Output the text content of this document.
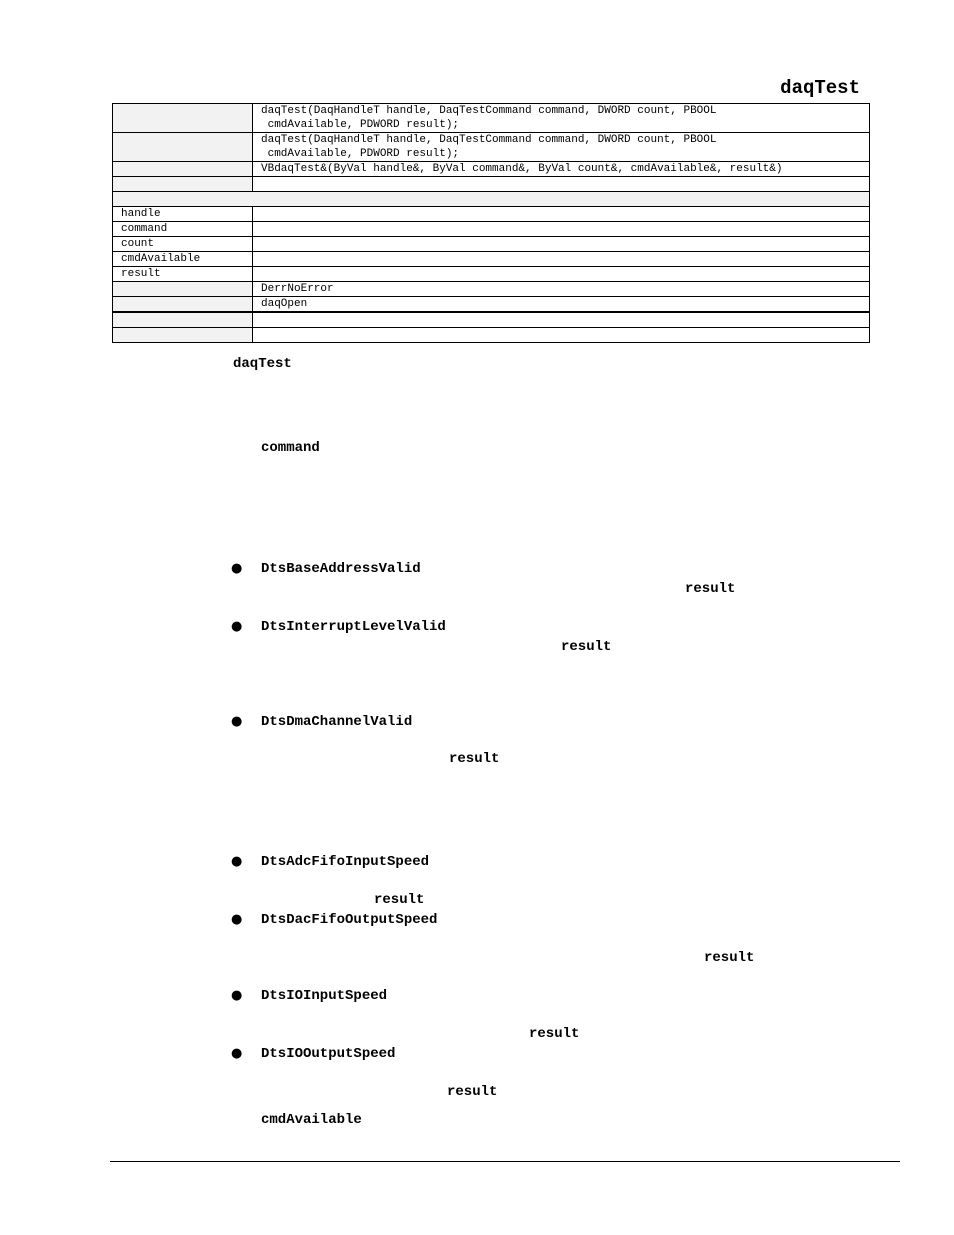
daqTest
	daqTest(DaqHandleT handle, DaqTestCommand command, DWORD count, PBOOL
cmdAvailable, PDWORD result);
	daqTest(DaqHandleT handle, DaqTestCommand command, DWORD count, PBOOL
cmdAvailable, PDWORD result);
	VBdaqTest&(ByVal handle&, ByVal command&, ByVal count&, cmdAvailable&, result&)

handle	
command	
count	
cmdAvailable	
result	
	DerrNoError
	daqOpen

daqTest
command
● DtsBaseAddressValid
result
● DtsInterruptLevelValid
result
● DtsDmaChannelValid
result
● DtsAdcFifoInputSpeed
result
● DtsDacFifoOutputSpeed
result
● DtsIOInputSpeed
result
● DtsIOOutputSpeed
result
cmdAvailable
